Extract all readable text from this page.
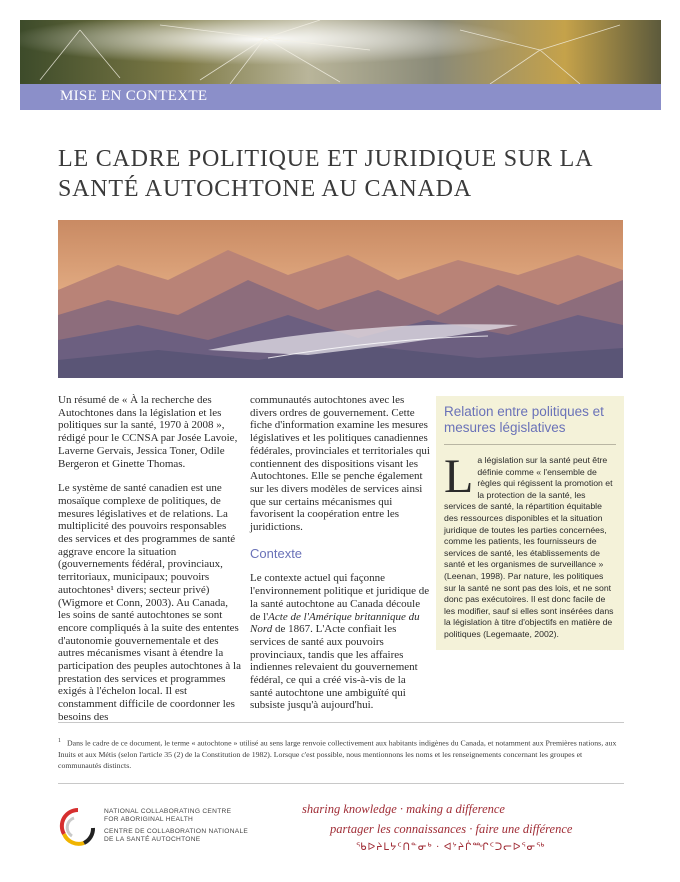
MISE EN CONTEXTE
LE CADRE POLITIQUE ET JURIDIQUE SUR LA
SANTÉ AUTOCHTONE AU CANADA

Un résumé de « À la recherche des Autochtones dans la législation et les politiques sur la santé, 1970 à 2008 », rédigé pour le CCNSA par Josée Lavoie, Laverne Gervais, Jessica Toner, Odile Bergeron et Ginette Thomas.

Le système de santé canadien est une mosaïque complexe de politiques, de mesures législatives et de relations. La multiplicité des pouvoirs responsables des services et des programmes de santé aggrave encore la situation (gouvernements fédéral, provinciaux, territoriaux, municipaux; pouvoirs autochtones¹ divers; secteur privé) (Wigmore et Conn, 2003). Au Canada, les soins de santé autochtones se sont encore compliqués à la suite des ententes d'autonomie gouvernementale et des autres mécanismes visant à étendre la participation des peuples autochtones à la prestation des services et programmes exigés à l'échelon local. Il est constamment difficile de coordonner les besoins des

communautés autochtones avec les divers ordres de gouvernement. Cette fiche d'information examine les mesures législatives et les politiques canadiennes fédérales, provinciales et territoriales qui contiennent des dispositions visant les Autochtones. Elle se penche également sur les divers modèles de services ainsi que sur certains mécanismes qui favorisent la coopération entre les juridictions.

Contexte

Le contexte actuel qui façonne l'environnement politique et juridique de la santé autochtone au Canada découle de l'Acte de l'Amérique britannique du Nord de 1867. L'Acte confiait les services de santé aux pouvoirs provinciaux, tandis que les affaires indiennes relevaient du gouvernement fédéral, ce qui a créé vis-à-vis de la santé autochtone une ambiguïté qui subsiste jusqu'à aujourd'hui.

Relation entre politiques et mesures législatives
La législation sur la santé peut être définie comme « l'ensemble de règles qui régissent la promotion et la protection de la santé, les services de santé, la répartition équitable des ressources disponibles et la situation juridique de toutes les parties concernées, comme les patients, les fournisseurs de services de santé, les établissements de santé et les organismes de surveillance » (Leenan, 1998). Par nature, les politiques sur la santé ne sont pas des lois, et ne sont donc pas exécutoires. Il est donc facile de les modifier, sauf si elles sont insérées dans la législation à titre d'objectifs en matière de politiques (Legemaate, 2002).
$^1$ Dans le cadre de ce document, le terme « autochtone » utilisé au sens large renvoie collectivement aux habitants indigènes du Canada, et notamment aux Premières nations, aux Inuits et aux Métis (selon l'article 35 (2) de la Constitution de 1982). Lorsque c'est possible, nous mentionnons les noms et les renseignements concernant les groupes et communautés distincts.
NATIONAL COLLABORATING CENTRE
FOR ABORIGINAL HEALTH
CENTRE DE COLLABORATION NATIONALE
DE LA SANTÉ AUTOCHTONE
sharing knowledge · making a difference
partager les connaissances · faire une différence
ᖃᐅᔨᒪᔭᑦᑎᓐᓂᒃ · ᐊᔾᔨᒌᙱᑦᑐᓕᐅᕐᓂᖅ
